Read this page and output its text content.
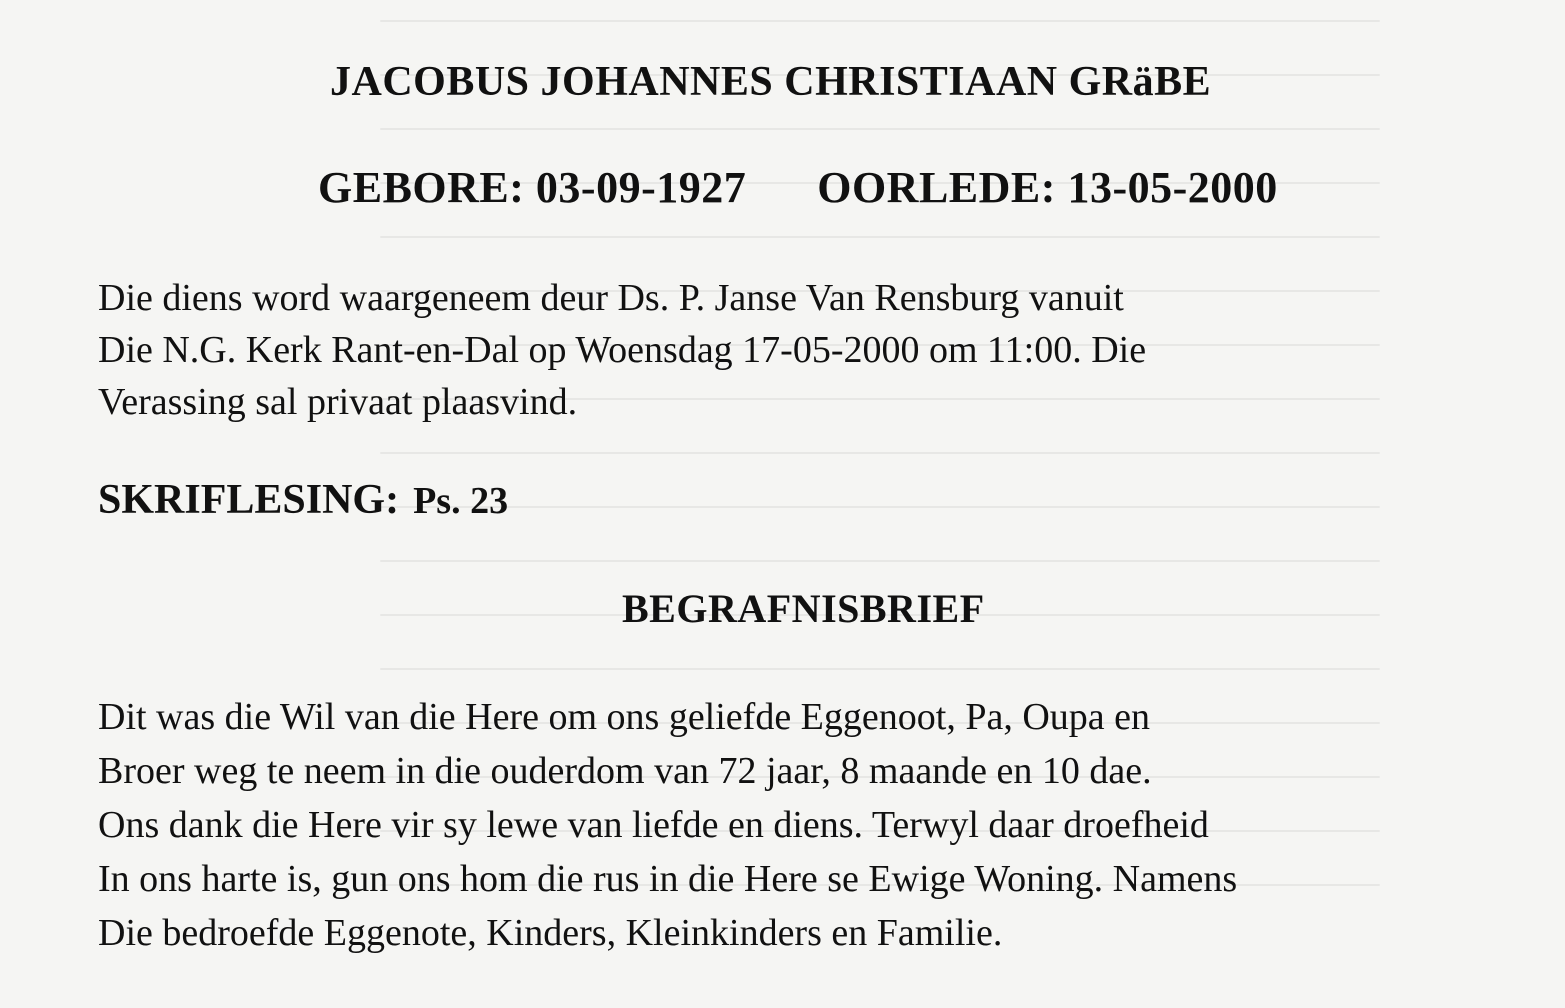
JACOBUS JOHANNES CHRISTIAAN GRäBE

GEBORE: 03-09-1927 OORLEDE: 13-05-2000

Die diens word waargeneem deur Ds. P. Janse Van Rensburg vanuit
Die N.G. Kerk Rant-en-Dal op Woensdag 17-05-2000 om 11:00. Die
Verassing sal privaat plaasvind.

SKRIFLESING: Ps. 23

BEGRAFNISBRIEF
Dit was die Wil van die Here om ons geliefde Eggenoot, Pa, Oupa en
Broer weg te neem in die ouderdom van 72 jaar, 8 maande en 10 dae.
Ons dank die Here vir sy lewe van liefde en diens. Terwyl daar droefheid
In ons harte is, gun ons hom die rus in die Here se Ewige Woning. Namens
Die bedroefde Eggenote, Kinders, Kleinkinders en Familie.
